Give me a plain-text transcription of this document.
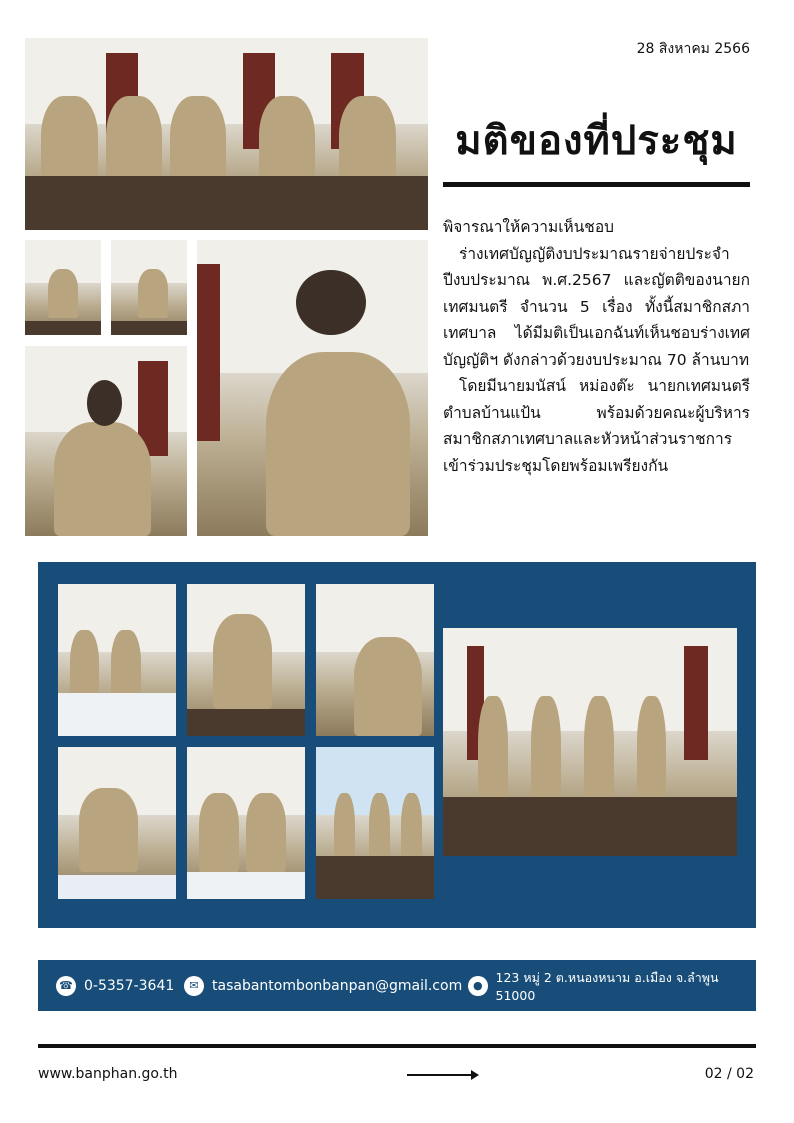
28 สิงหาคม 2566
มติของที่ประชุม

พิจารณาให้ความเห็นชอบ

ร่างเทศบัญญัติงบประมาณรายจ่ายประจำปีงบประมาณ พ.ศ.2567 และญัตติของนายกเทศมนตรี จำนวน 5 เรื่อง ทั้งนี้สมาชิกสภาเทศบาล ได้มีมติเป็นเอกฉันท์เห็นชอบร่างเทศบัญญัติฯ ดังกล่าวด้วยงบประมาณ 70 ล้านบาท

โดยมีนายมนัสน์ หม่องต๊ะ นายกเทศมนตรีตำบลบ้านแป้น พร้อมด้วยคณะผู้บริหาร สมาชิกสภาเทศบาลและหัวหน้าส่วนราชการ เข้าร่วมประชุมโดยพร้อมเพรียงกัน

☎ 0-5357-3641	✉ tasabantombonbanpan@gmail.com ●
123 หมู่ 2 ต.หนองหนาม อ.เมือง จ.ลำพูน 51000
www.banphan.go.th	02 / 02
